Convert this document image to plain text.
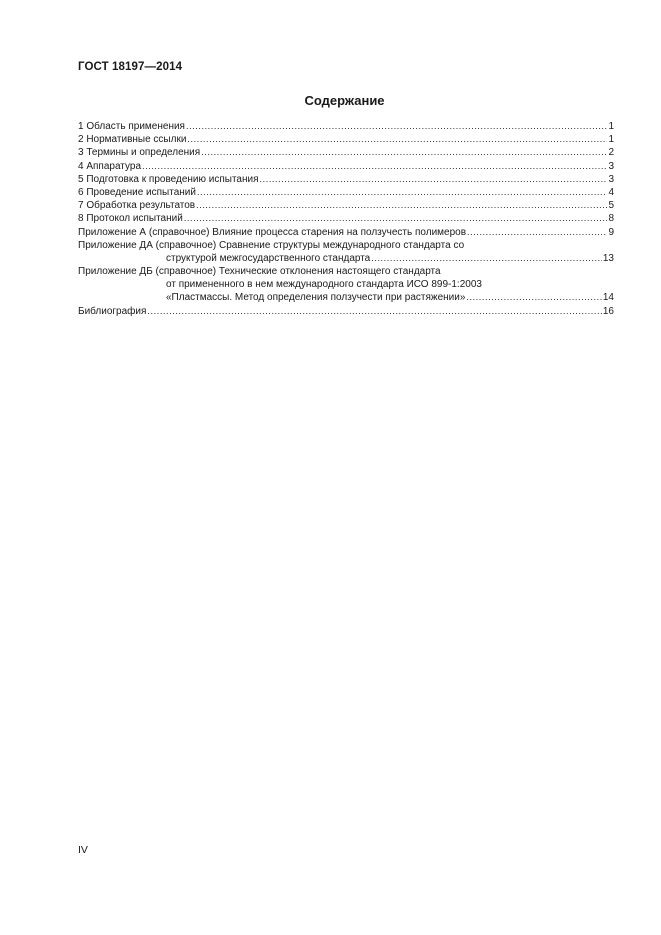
ГОСТ 18197—2014
Содержание
1 Область применения .....	1
2 Нормативные ссылки .....	1
3 Термины и определения .....	2
4 Аппаратура .....	3
5 Подготовка к проведению испытания .....	3
6 Проведение испытаний .....	4
7 Обработка результатов .....	5
8 Протокол испытаний .....	8
Приложение А (справочное) Влияние процесса старения на ползучесть полимеров .....	9
Приложение ДА (справочное) Сравнение структуры международного стандарта со
структурой межгосударственного стандарта .....	13
Приложение ДБ (справочное) Технические отклонения настоящего стандарта
от примененного в нем международного стандарта ИСО 899-1:2003
«Пластмассы. Метод определения ползучести при растяжении» .....	14
Библиография .....	16
IV
